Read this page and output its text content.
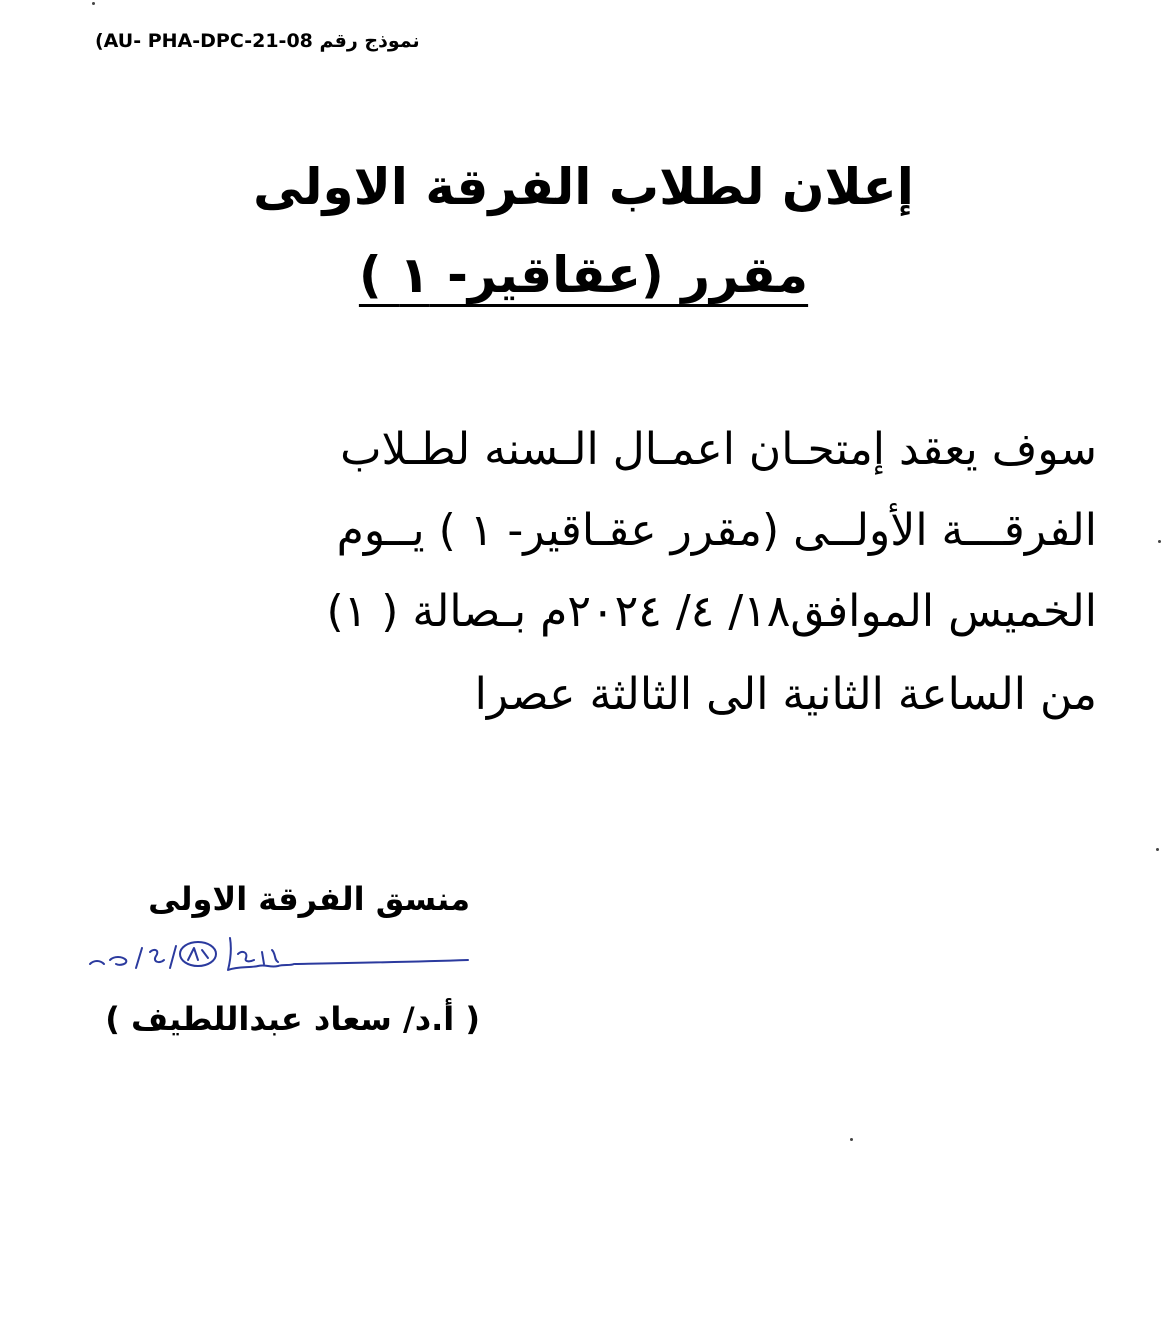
(AU- PHA-DPC-21-08 نموذج رقم
إعلان لطلاب الفرقة الاولى
مقرر (عقاقير- ١ )
سوف يعقد إمتحـان اعمـال الـسنه لطـلاب
الفرقـــة الأولــى (مقرر عقـاقير- ١ ) يــوم
الخميس الموافق١٨/ ٤/ ٢٠٢٤م بـصالة ( ١)
من الساعة الثانية الى الثالثة عصرا
منسق الفرقة الاولى
( أ.د/ سعاد عبداللطيف )
